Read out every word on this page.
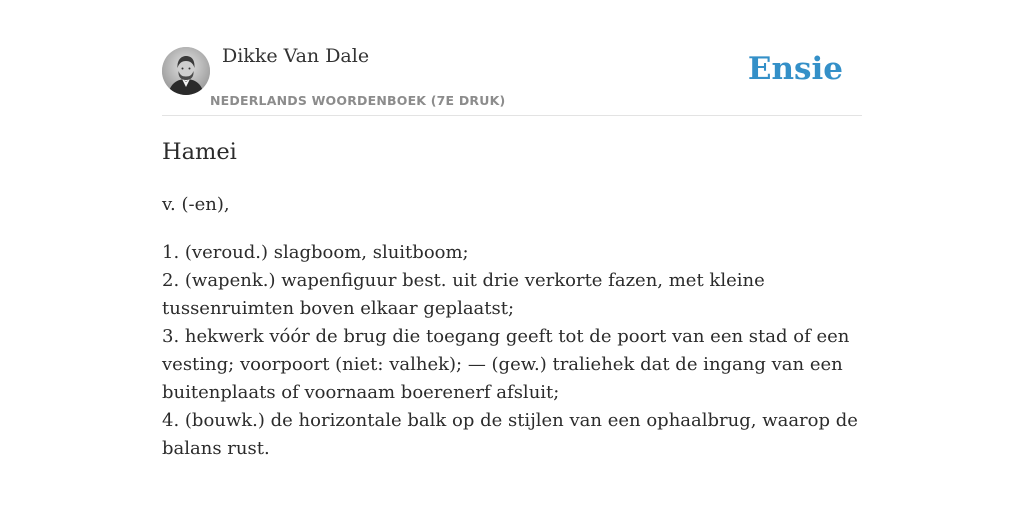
Dikke Van Dale
NEDERLANDS WOORDENBOEK (7E DRUK)
Ensie
Hamei

v. (-en),

1. (veroud.) slagboom, sluitboom;
2. (wapenk.) wapenfiguur best. uit drie verkorte fazen, met kleine tussenruimten boven elkaar geplaatst;
3. hekwerk vóór de brug die toegang geeft tot de poort van een stad of een vesting; voorpoort (niet: valhek); — (gew.) traliehek dat de ingang van een buitenplaats of voornaam boerenerf afsluit;
4. (bouwk.) de horizontale balk op de stijlen van een ophaalbrug, waarop de balans rust.
